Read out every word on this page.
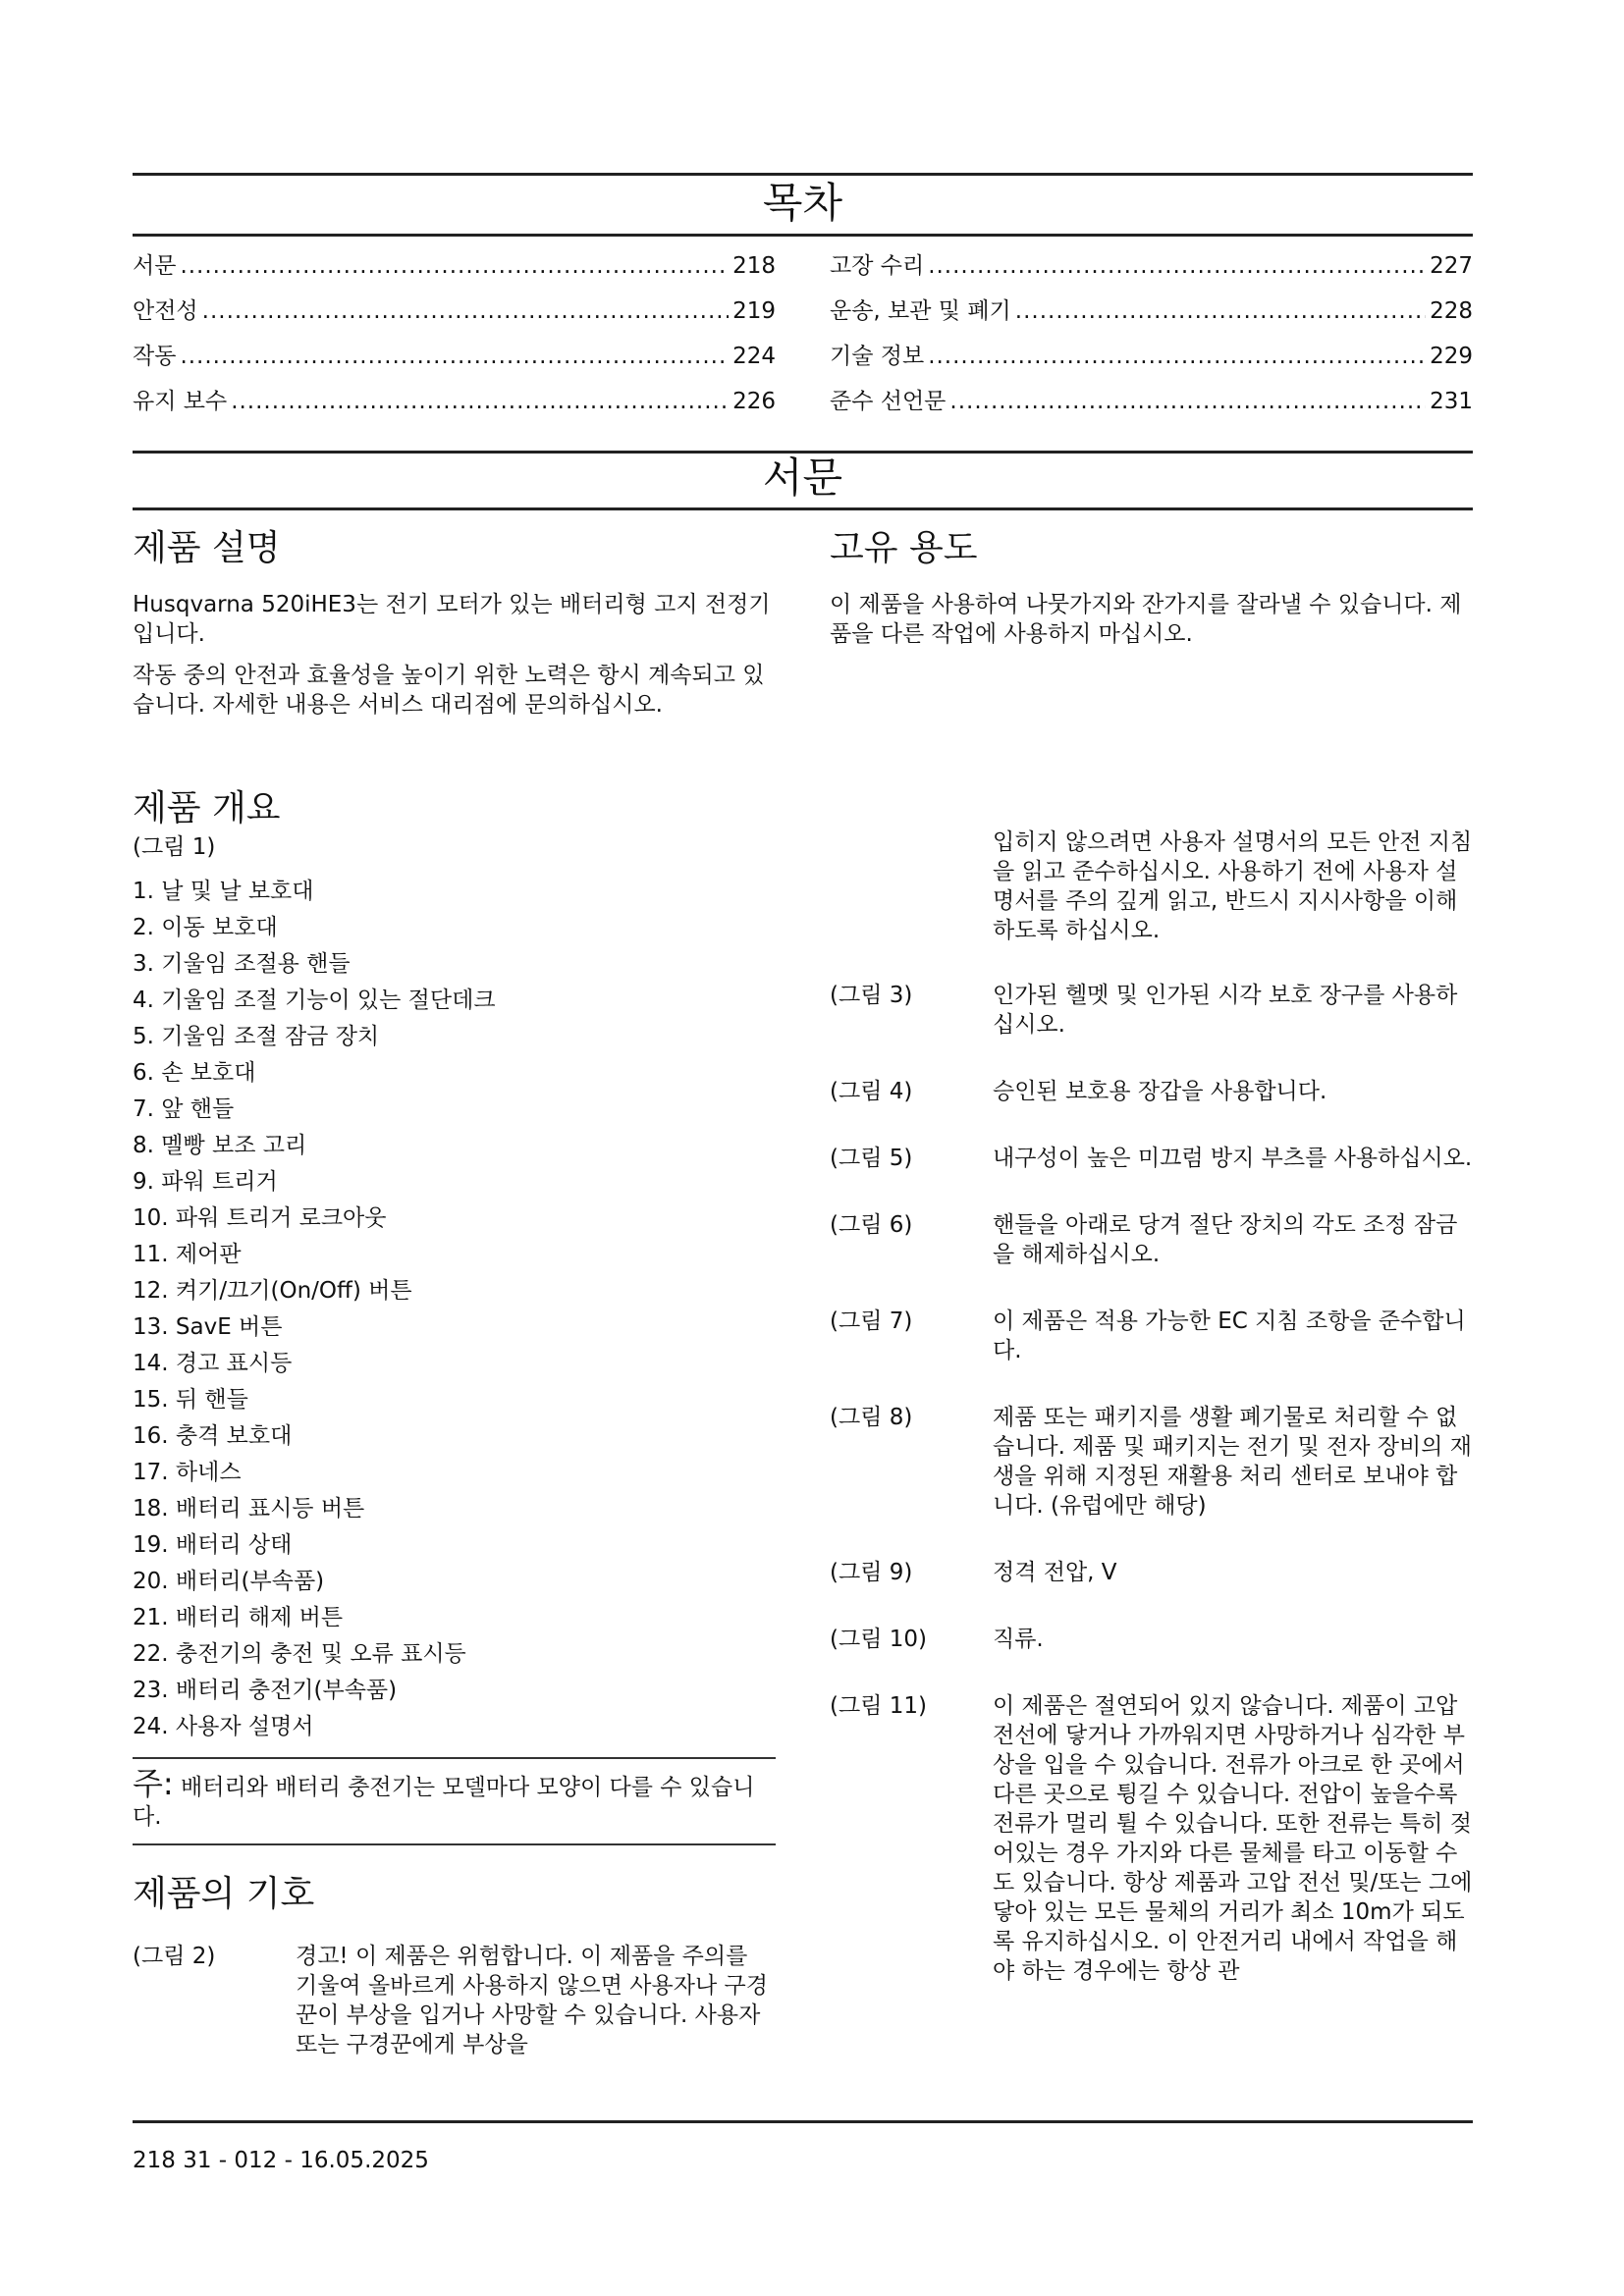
목차
서문 .....	218
안전성 .....	219
작동 .....	224
유지 보수 .....	226
고장 수리 .....	227
운송, 보관 및 폐기 .....	228
기술 정보 .....	229
준수 선언문 .....	231
서문
제품 설명

Husqvarna 520iHE3는 전기 모터가 있는 배터리형 고지 전정기입니다.

작동 중의 안전과 효율성을 높이기 위한 노력은 항시 계속되고 있습니다. 자세한 내용은 서비스 대리점에 문의하십시오.

고유 용도

이 제품을 사용하여 나뭇가지와 잔가지를 잘라낼 수 있습니다. 제품을 다른 작업에 사용하지 마십시오.

제품 개요

(그림 1)

1. 날 및 날 보호대
2. 이동 보호대
3. 기울임 조절용 핸들
4. 기울임 조절 기능이 있는 절단데크
5. 기울임 조절 잠금 장치
6. 손 보호대
7. 앞 핸들
8. 멜빵 보조 고리
9. 파워 트리거
10. 파워 트리거 로크아웃
11. 제어판
12. 켜기/끄기(On/Off) 버튼
13. SavE 버튼
14. 경고 표시등
15. 뒤 핸들
16. 충격 보호대
17. 하네스
18. 배터리 표시등 버튼
19. 배터리 상태
20. 배터리(부속품)
21. 배터리 해제 버튼
22. 충전기의 충전 및 오류 표시등
23. 배터리 충전기(부속품)
24. 사용자 설명서

주: 배터리와 배터리 충전기는 모델마다 모양이 다를 수 있습니다.

제품의 기호
(그림 2)	경고! 이 제품은 위험합니다. 이 제품을 주의를 기울여 올바르게 사용하지 않으면 사용자나 구경꾼이 부상을 입거나 사망할 수 있습니다. 사용자 또는 구경꾼에게 부상을
입히지 않으려면 사용자 설명서의 모든 안전 지침을 읽고 준수하십시오. 사용하기 전에 사용자 설명서를 주의 깊게 읽고, 반드시 지시사항을 이해하도록 하십시오.
(그림 3)	인가된 헬멧 및 인가된 시각 보호 장구를 사용하십시오.
(그림 4)	승인된 보호용 장갑을 사용합니다.
(그림 5)	내구성이 높은 미끄럼 방지 부츠를 사용하십시오.
(그림 6)	핸들을 아래로 당겨 절단 장치의 각도 조정 잠금을 해제하십시오.
(그림 7)	이 제품은 적용 가능한 EC 지침 조항을 준수합니다.
(그림 8)	제품 또는 패키지를 생활 폐기물로 처리할 수 없습니다. 제품 및 패키지는 전기 및 전자 장비의 재생을 위해 지정된 재활용 처리 센터로 보내야 합니다. (유럽에만 해당)
(그림 9)	정격 전압, V
(그림 10)	직류.
(그림 11)	이 제품은 절연되어 있지 않습니다. 제품이 고압 전선에 닿거나 가까워지면 사망하거나 심각한 부상을 입을 수 있습니다. 전류가 아크로 한 곳에서 다른 곳으로 튕길 수 있습니다. 전압이 높을수록 전류가 멀리 튈 수 있습니다. 또한 전류는 특히 젖어있는 경우 가지와 다른 물체를 타고 이동할 수도 있습니다. 항상 제품과 고압 전선 및/또는 그에 닿아 있는 모든 물체의 거리가 최소 10m가 되도록 유지하십시오. 이 안전거리 내에서 작업을 해야 하는 경우에는 항상 관
218 31 - 012 - 16.05.2025
